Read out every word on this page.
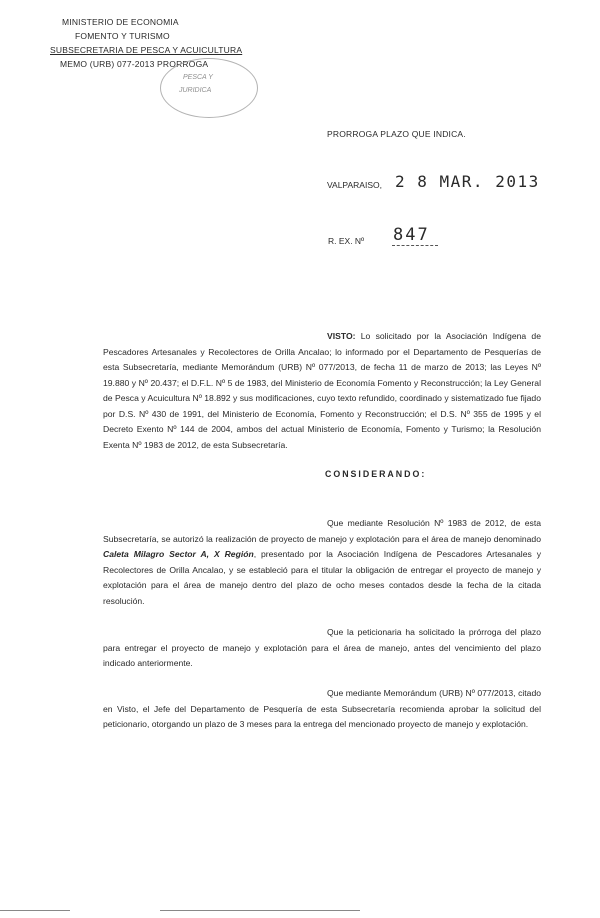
MINISTERIO DE ECONOMIA
FOMENTO Y TURISMO
SUBSECRETARIA DE PESCA Y ACUICULTURA
MEMO (URB) 077-2013 PRORROGA
PESCA Y
JURIDICA
PRORROGA PLAZO QUE INDICA.
VALPARAISO, 2 8 MAR. 2013
R. EX. Nº 847

VISTO: Lo solicitado por la Asociación Indígena de Pescadores Artesanales y Recolectores de Orilla Ancalao; lo informado por el Departamento de Pesquerías de esta Subsecretaría, mediante Memorándum (URB) Nº 077/2013, de fecha 11 de marzo de 2013; las Leyes Nº 19.880 y Nº 20.437; el D.F.L. Nº 5 de 1983, del Ministerio de Economía Fomento y Reconstrucción; la Ley General de Pesca y Acuicultura Nº 18.892 y sus modificaciones, cuyo texto refundido, coordinado y sistematizado fue fijado por D.S. Nº 430 de 1991, del Ministerio de Economía, Fomento y Reconstrucción; el D.S. Nº 355 de 1995 y el Decreto Exento Nº 144 de 2004, ambos del actual Ministerio de Economía, Fomento y Turismo; la Resolución Exenta Nº 1983 de 2012, de esta Subsecretaría.

CONSIDERANDO:

Que mediante Resolución Nº 1983 de 2012, de esta Subsecretaría, se autorizó la realización de proyecto de manejo y explotación para el área de manejo denominado Caleta Milagro Sector A, X Región, presentado por la Asociación Indígena de Pescadores Artesanales y Recolectores de Orilla Ancalao, y se estableció para el titular la obligación de entregar el proyecto de manejo y explotación para el área de manejo dentro del plazo de ocho meses contados desde la fecha de la citada resolución.

Que la peticionaria ha solicitado la prórroga del plazo para entregar el proyecto de manejo y explotación para el área de manejo, antes del vencimiento del plazo indicado anteriormente.

Que mediante Memorándum (URB) Nº 077/2013, citado en Visto, el Jefe del Departamento de Pesquería de esta Subsecretaría recomienda aprobar la solicitud del peticionario, otorgando un plazo de 3 meses para la entrega del mencionado proyecto de manejo y explotación.
